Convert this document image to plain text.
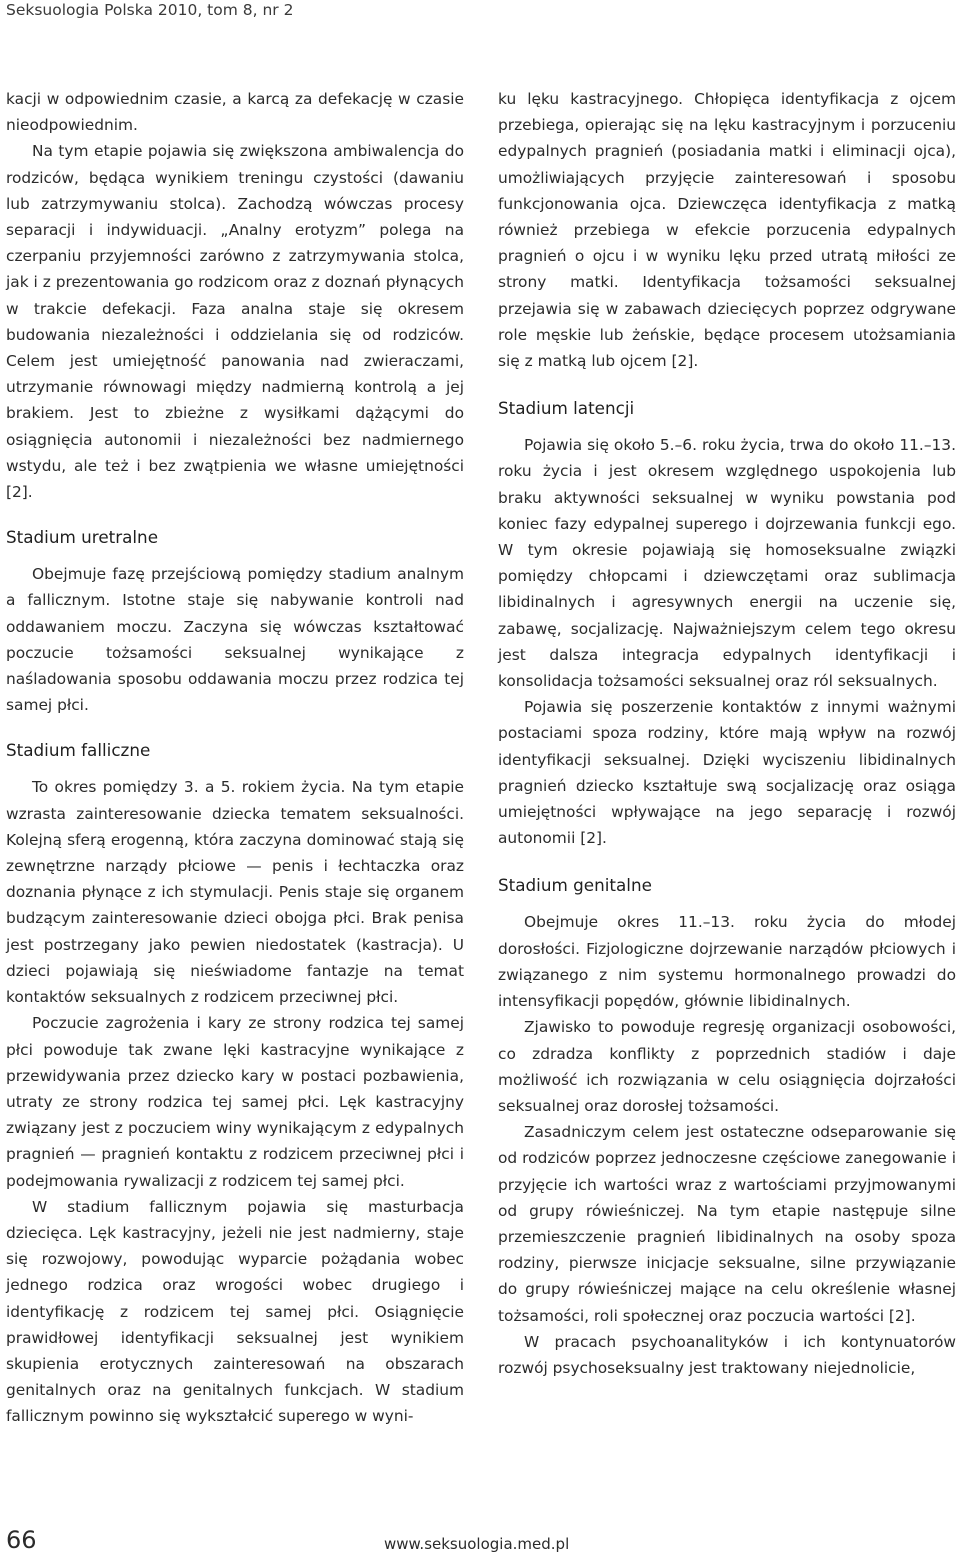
Seksuologia Polska 2010, tom 8, nr 2

kacji w odpowiednim czasie, a karcą za defekację w czasie nieodpowiednim.

Na tym etapie pojawia się zwiększona ambiwalencja do rodziców, będąca wynikiem treningu czystości (dawaniu lub zatrzymywaniu stolca). Zachodzą wówczas procesy separacji i indywiduacji. „Analny erotyzm” polega na czerpaniu przyjemności zarówno z zatrzymywania stolca, jak i z prezentowania go rodzicom oraz z doznań płynących w trakcie defekacji. Faza analna staje się okresem budowania niezależności i oddzielania się od rodziców. Celem jest umiejętność panowania nad zwieraczami, utrzymanie równowagi między nadmierną kontrolą a jej brakiem. Jest to zbieżne z wysiłkami dążącymi do osiągnięcia autonomii i niezależności bez nadmiernego wstydu, ale też i bez zwątpienia we własne umiejętności [2].

Stadium uretralne

Obejmuje fazę przejściową pomiędzy stadium analnym a fallicznym. Istotne staje się nabywanie kontroli nad oddawaniem moczu. Zaczyna się wówczas kształtować poczucie tożsamości seksualnej wynikające z naśladowania sposobu oddawania moczu przez rodzica tej samej płci.

Stadium falliczne

To okres pomiędzy 3. a 5. rokiem życia. Na tym etapie wzrasta zainteresowanie dziecka tematem seksualności. Kolejną sferą erogenną, która zaczyna dominować stają się zewnętrzne narządy płciowe — penis i łechtaczka oraz doznania płynące z ich stymulacji. Penis staje się organem budzącym zainteresowanie dzieci obojga płci. Brak penisa jest postrzegany jako pewien niedostatek (kastracja). U dzieci pojawiają się nieświadome fantazje na temat kontaktów seksualnych z rodzicem przeciwnej płci.

Poczucie zagrożenia i kary ze strony rodzica tej samej płci powoduje tak zwane lęki kastracyjne wynikające z przewidywania przez dziecko kary w postaci pozbawienia, utraty ze strony rodzica tej samej płci. Lęk kastracyjny związany jest z poczuciem winy wynikającym z edypalnych pragnień — pragnień kontaktu z rodzicem przeciwnej płci i podejmowania rywalizacji z rodzicem tej samej płci.

W stadium fallicznym pojawia się masturbacja dziecięca. Lęk kastracyjny, jeżeli nie jest nadmierny, staje się rozwojowy, powodując wyparcie pożądania wobec jednego rodzica oraz wrogości wobec drugiego i identyfikację z rodzicem tej samej płci. Osiągnięcie prawidłowej identyfikacji seksualnej jest wynikiem skupienia erotycznych zainteresowań na obszarach genitalnych oraz na genitalnych funkcjach. W stadium fallicznym powinno się wykształcić superego w wyni-

ku lęku kastracyjnego. Chłopięca identyfikacja z ojcem przebiega, opierając się na lęku kastracyjnym i porzuceniu edypalnych pragnień (posiadania matki i eliminacji ojca), umożliwiających przyjęcie zainteresowań i sposobu funkcjonowania ojca. Dziewczęca identyfikacja z matką również przebiega w efekcie porzucenia edypalnych pragnień o ojcu i w wyniku lęku przed utratą miłości ze strony matki. Identyfikacja tożsamości seksualnej przejawia się w zabawach dziecięcych poprzez odgrywane role męskie lub żeńskie, będące procesem utożsamiania się z matką lub ojcem [2].

Stadium latencji

Pojawia się około 5.–6. roku życia, trwa do około 11.–13. roku życia i jest okresem względnego uspokojenia lub braku aktywności seksualnej w wyniku powstania pod koniec fazy edypalnej superego i dojrzewania funkcji ego. W tym okresie pojawiają się homoseksualne związki pomiędzy chłopcami i dziewczętami oraz sublimacja libidinalnych i agresywnych energii na uczenie się, zabawę, socjalizację. Najważniejszym celem tego okresu jest dalsza integracja edypalnych identyfikacji i konsolidacja tożsamości seksualnej oraz ról seksualnych.

Pojawia się poszerzenie kontaktów z innymi ważnymi postaciami spoza rodziny, które mają wpływ na rozwój identyfikacji seksualnej. Dzięki wyciszeniu libidinalnych pragnień dziecko kształtuje swą socjalizację oraz osiąga umiejętności wpływające na jego separację i rozwój autonomii [2].

Stadium genitalne

Obejmuje okres 11.–13. roku życia do młodej dorosłości. Fizjologiczne dojrzewanie narządów płciowych i związanego z nim systemu hormonalnego prowadzi do intensyfikacji popędów, głównie libidinalnych.

Zjawisko to powoduje regresję organizacji osobowości, co zdradza konflikty z poprzednich stadiów i daje możliwość ich rozwiązania w celu osiągnięcia dojrzałości seksualnej oraz dorosłej tożsamości.

Zasadniczym celem jest ostateczne odseparowanie się od rodziców poprzez jednoczesne częściowe zanegowanie i przyjęcie ich wartości wraz z wartościami przyjmowanymi od grupy rówieśniczej. Na tym etapie następuje silne przemieszczenie pragnień libidinalnych na osoby spoza rodziny, pierwsze inicjacje seksualne, silne przywiązanie do grupy rówieśniczej mające na celu określenie własnej tożsamości, roli społecznej oraz poczucia wartości [2].

W pracach psychoanalityków i ich kontynuatorów rozwój psychoseksualny jest traktowany niejednolicie,

66	www.seksuologia.med.pl
